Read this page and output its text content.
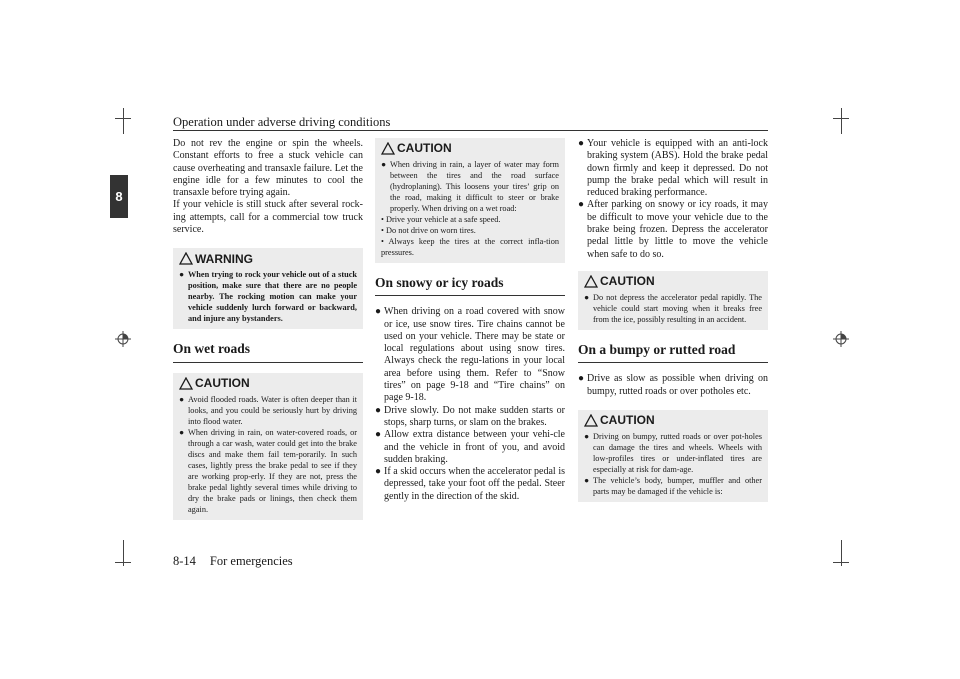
Operation under adverse driving conditions
8

Do not rev the engine or spin the wheels. Constant efforts to free a stuck vehicle can cause overheating and transaxle failure. Let the engine idle for a few minutes to cool the transaxle before trying again.

If your vehicle is still stuck after several rock-ing attempts, call for a commercial tow truck service.

WARNING
● When trying to rock your vehicle out of a stuck position, make sure that there are no people nearby. The rocking motion can make your vehicle suddenly lurch forward or backward, and injure any bystanders.
On wet roads
CAUTION
● Avoid flooded roads. Water is often deeper than it looks, and you could be seriously hurt by driving into flood water.
● When driving in rain, on water-covered roads, or through a car wash, water could get into the brake discs and make them fail tem-porarily. In such cases, lightly press the brake pedal to see if they are working prop-erly. If they are not, press the brake pedal lightly several times while driving to dry the brake pads or linings, then check them again.
CAUTION
● When driving in rain, a layer of water may form between the tires and the road surface (hydroplaning). This loosens your tires’ grip on the road, making it difficult to steer or brake properly. When driving on a wet road:
• Drive your vehicle at a safe speed.
• Do not drive on worn tires.
• Always keep the tires at the correct infla-tion pressures.
On snowy or icy roads
● When driving on a road covered with snow or ice, use snow tires. Tire chains cannot be used on your vehicle. There may be state or local regulations about using snow tires. Always check the regu-lations in your local area before using them. Refer to “Snow tires” on page 9-18 and “Tire chains” on page 9-18.
● Drive slowly. Do not make sudden starts or stops, sharp turns, or slam on the brakes.
● Allow extra distance between your vehi-cle and the vehicle in front of you, and avoid sudden braking.
● If a skid occurs when the accelerator pedal is depressed, take your foot off the pedal. Steer gently in the direction of the skid.
● Your vehicle is equipped with an anti-lock braking system (ABS). Hold the brake pedal down firmly and keep it depressed. Do not pump the brake pedal which will result in reduced braking performance.
● After parking on snowy or icy roads, it may be difficult to move your vehicle due to the brake being frozen. Depress the accelerator pedal little by little to move the vehicle when safe to do so.
CAUTION
● Do not depress the accelerator pedal rapidly. The vehicle could start moving when it breaks free from the ice, possibly resulting in an accident.
On a bumpy or rutted road
● Drive as slow as possible when driving on bumpy, rutted roads or over potholes etc.
CAUTION
● Driving on bumpy, rutted roads or over pot-holes can damage the tires and wheels. Wheels with low-profiles tires or under-inflated tires are especially at risk for dam-age.
● The vehicle’s body, bumper, muffler and other parts may be damaged if the vehicle is:
8-14 For emergencies
